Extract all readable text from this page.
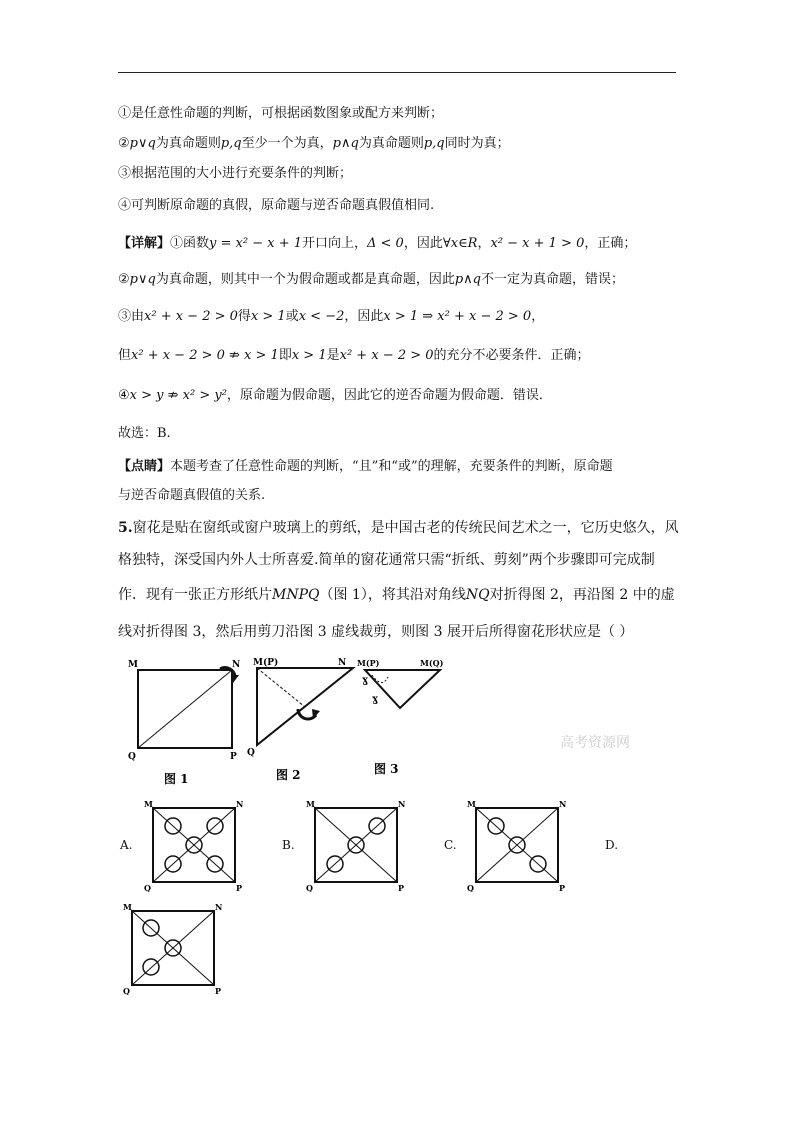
①是任意性命题的判断，可根据函数图象或配方来判断；
②p∨q为真命题则p,q至少一个为真，p∧q为真命题则p,q同时为真；
③根据范围的大小进行充要条件的判断；
④可判断原命题的真假，原命题与逆否命题真假值相同.
【详解】①函数y = x² − x + 1开口向上，Δ < 0，因此∀x∈R，x² − x + 1 > 0，正确；
②p∨q为真命题，则其中一个为假命题或都是真命题，因此p∧q不一定为真命题，错误；
③由x² + x − 2 > 0得x > 1或x < −2，因此x > 1 ⇒ x² + x − 2 > 0，
但x² + x − 2 > 0 ⇏ x > 1即x > 1是x² + x − 2 > 0的充分不必要条件．正确；
④x > y ⇏ x² > y²，原命题为假命题，因此它的逆否命题为假命题．错误．
故选：B.
【点睛】本题考查了任意性命题的判断，“且”和“或”的理解，充要条件的判断，原命题
与逆否命题真假值的关系.
5.窗花是贴在窗纸或窗户玻璃上的剪纸，是中国古老的传统民间艺术之一，它历史悠久，风
格独特，深受国内外人士所喜爱.简单的窗花通常只需“折纸、剪刻”两个步骤即可完成制
作．现有一张正方形纸片MNPQ（图 1），将其沿对角线NQ对折得图 2，再沿图 2 中的虚
线对折得图 3，然后用剪刀沿图 3 虚线裁剪，则图 3 展开后所得窗花形状应是（ ）
M	N
Q	P
图 1
M(P)	N
Q
图 2
M(P)	M(Q)
ɣ
ɣ
图 3
高考资源网
A.	B.	C.	D.
M	N
Q	P
M	N
Q	P
M	N
Q	P
M	N
Q	P
